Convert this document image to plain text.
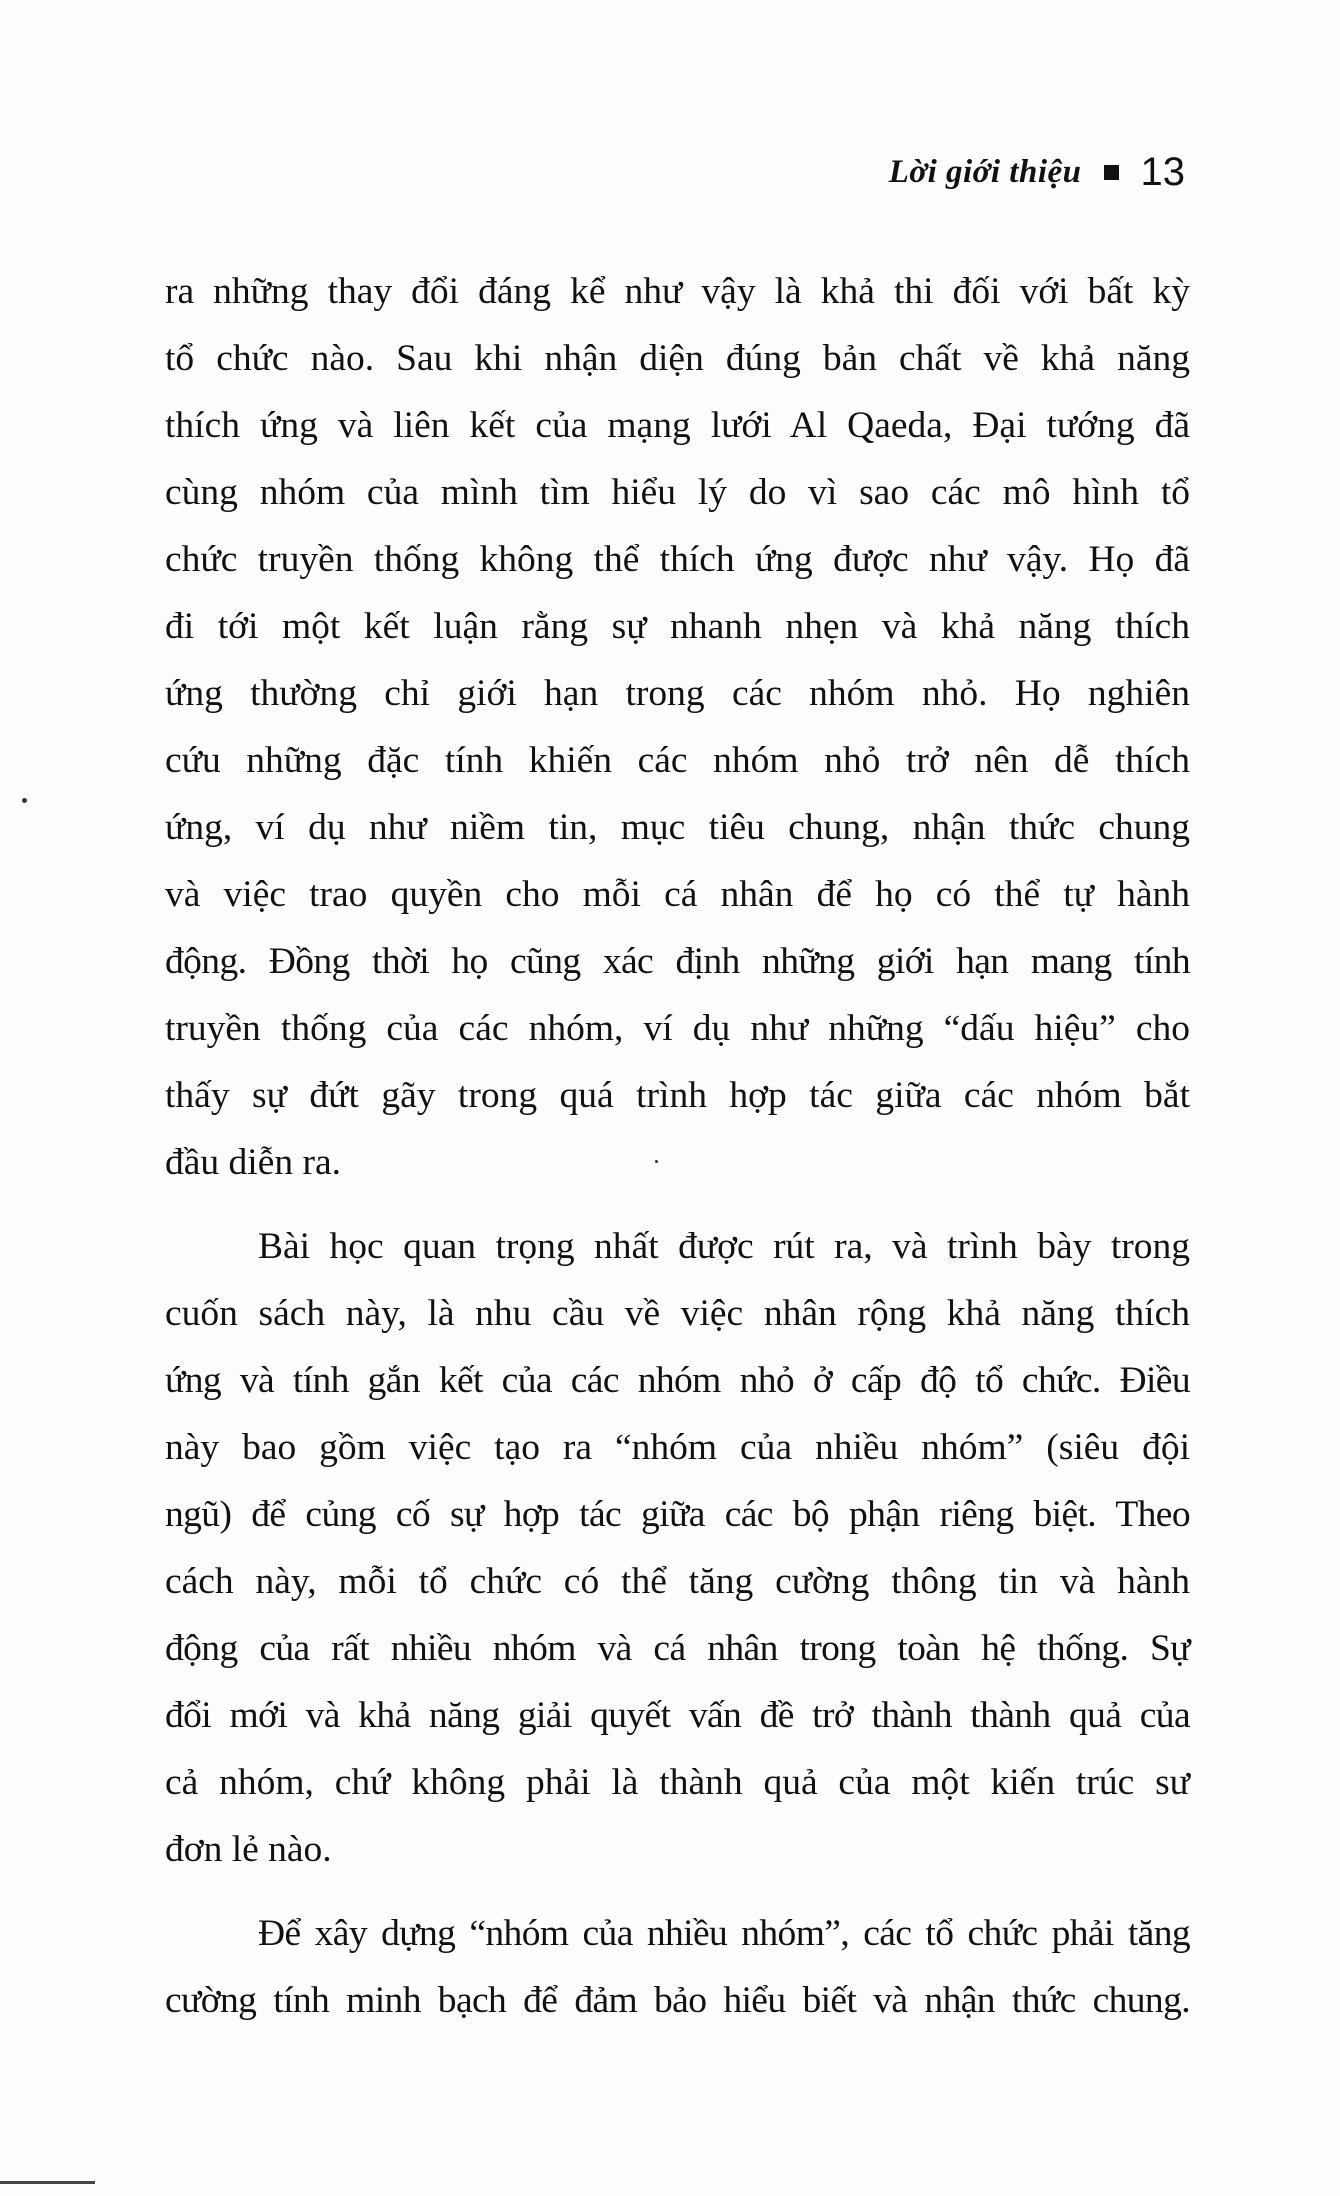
Lời giới thiệu 13

ra những thay đổi đáng kể như vậy là khả thi đối với bất kỳ
tổ chức nào. Sau khi nhận diện đúng bản chất về khả năng
thích ứng và liên kết của mạng lưới Al Qaeda, Đại tướng đã
cùng nhóm của mình tìm hiểu lý do vì sao các mô hình tổ
chức truyền thống không thể thích ứng được như vậy. Họ đã
đi tới một kết luận rằng sự nhanh nhẹn và khả năng thích
ứng thường chỉ giới hạn trong các nhóm nhỏ. Họ nghiên
cứu những đặc tính khiến các nhóm nhỏ trở nên dễ thích
ứng, ví dụ như niềm tin, mục tiêu chung, nhận thức chung
và việc trao quyền cho mỗi cá nhân để họ có thể tự hành
động. Đồng thời họ cũng xác định những giới hạn mang tính
truyền thống của các nhóm, ví dụ như những “dấu hiệu” cho
thấy sự đứt gãy trong quá trình hợp tác giữa các nhóm bắt
đầu diễn ra.

Bài học quan trọng nhất được rút ra, và trình bày trong
cuốn sách này, là nhu cầu về việc nhân rộng khả năng thích
ứng và tính gắn kết của các nhóm nhỏ ở cấp độ tổ chức. Điều
này bao gồm việc tạo ra “nhóm của nhiều nhóm” (siêu đội
ngũ) để củng cố sự hợp tác giữa các bộ phận riêng biệt. Theo
cách này, mỗi tổ chức có thể tăng cường thông tin và hành
động của rất nhiều nhóm và cá nhân trong toàn hệ thống. Sự
đổi mới và khả năng giải quyết vấn đề trở thành thành quả của
cả nhóm, chứ không phải là thành quả của một kiến trúc sư
đơn lẻ nào.

Để xây dựng “nhóm của nhiều nhóm”, các tổ chức phải tăng
cường tính minh bạch để đảm bảo hiểu biết và nhận thức chung.
